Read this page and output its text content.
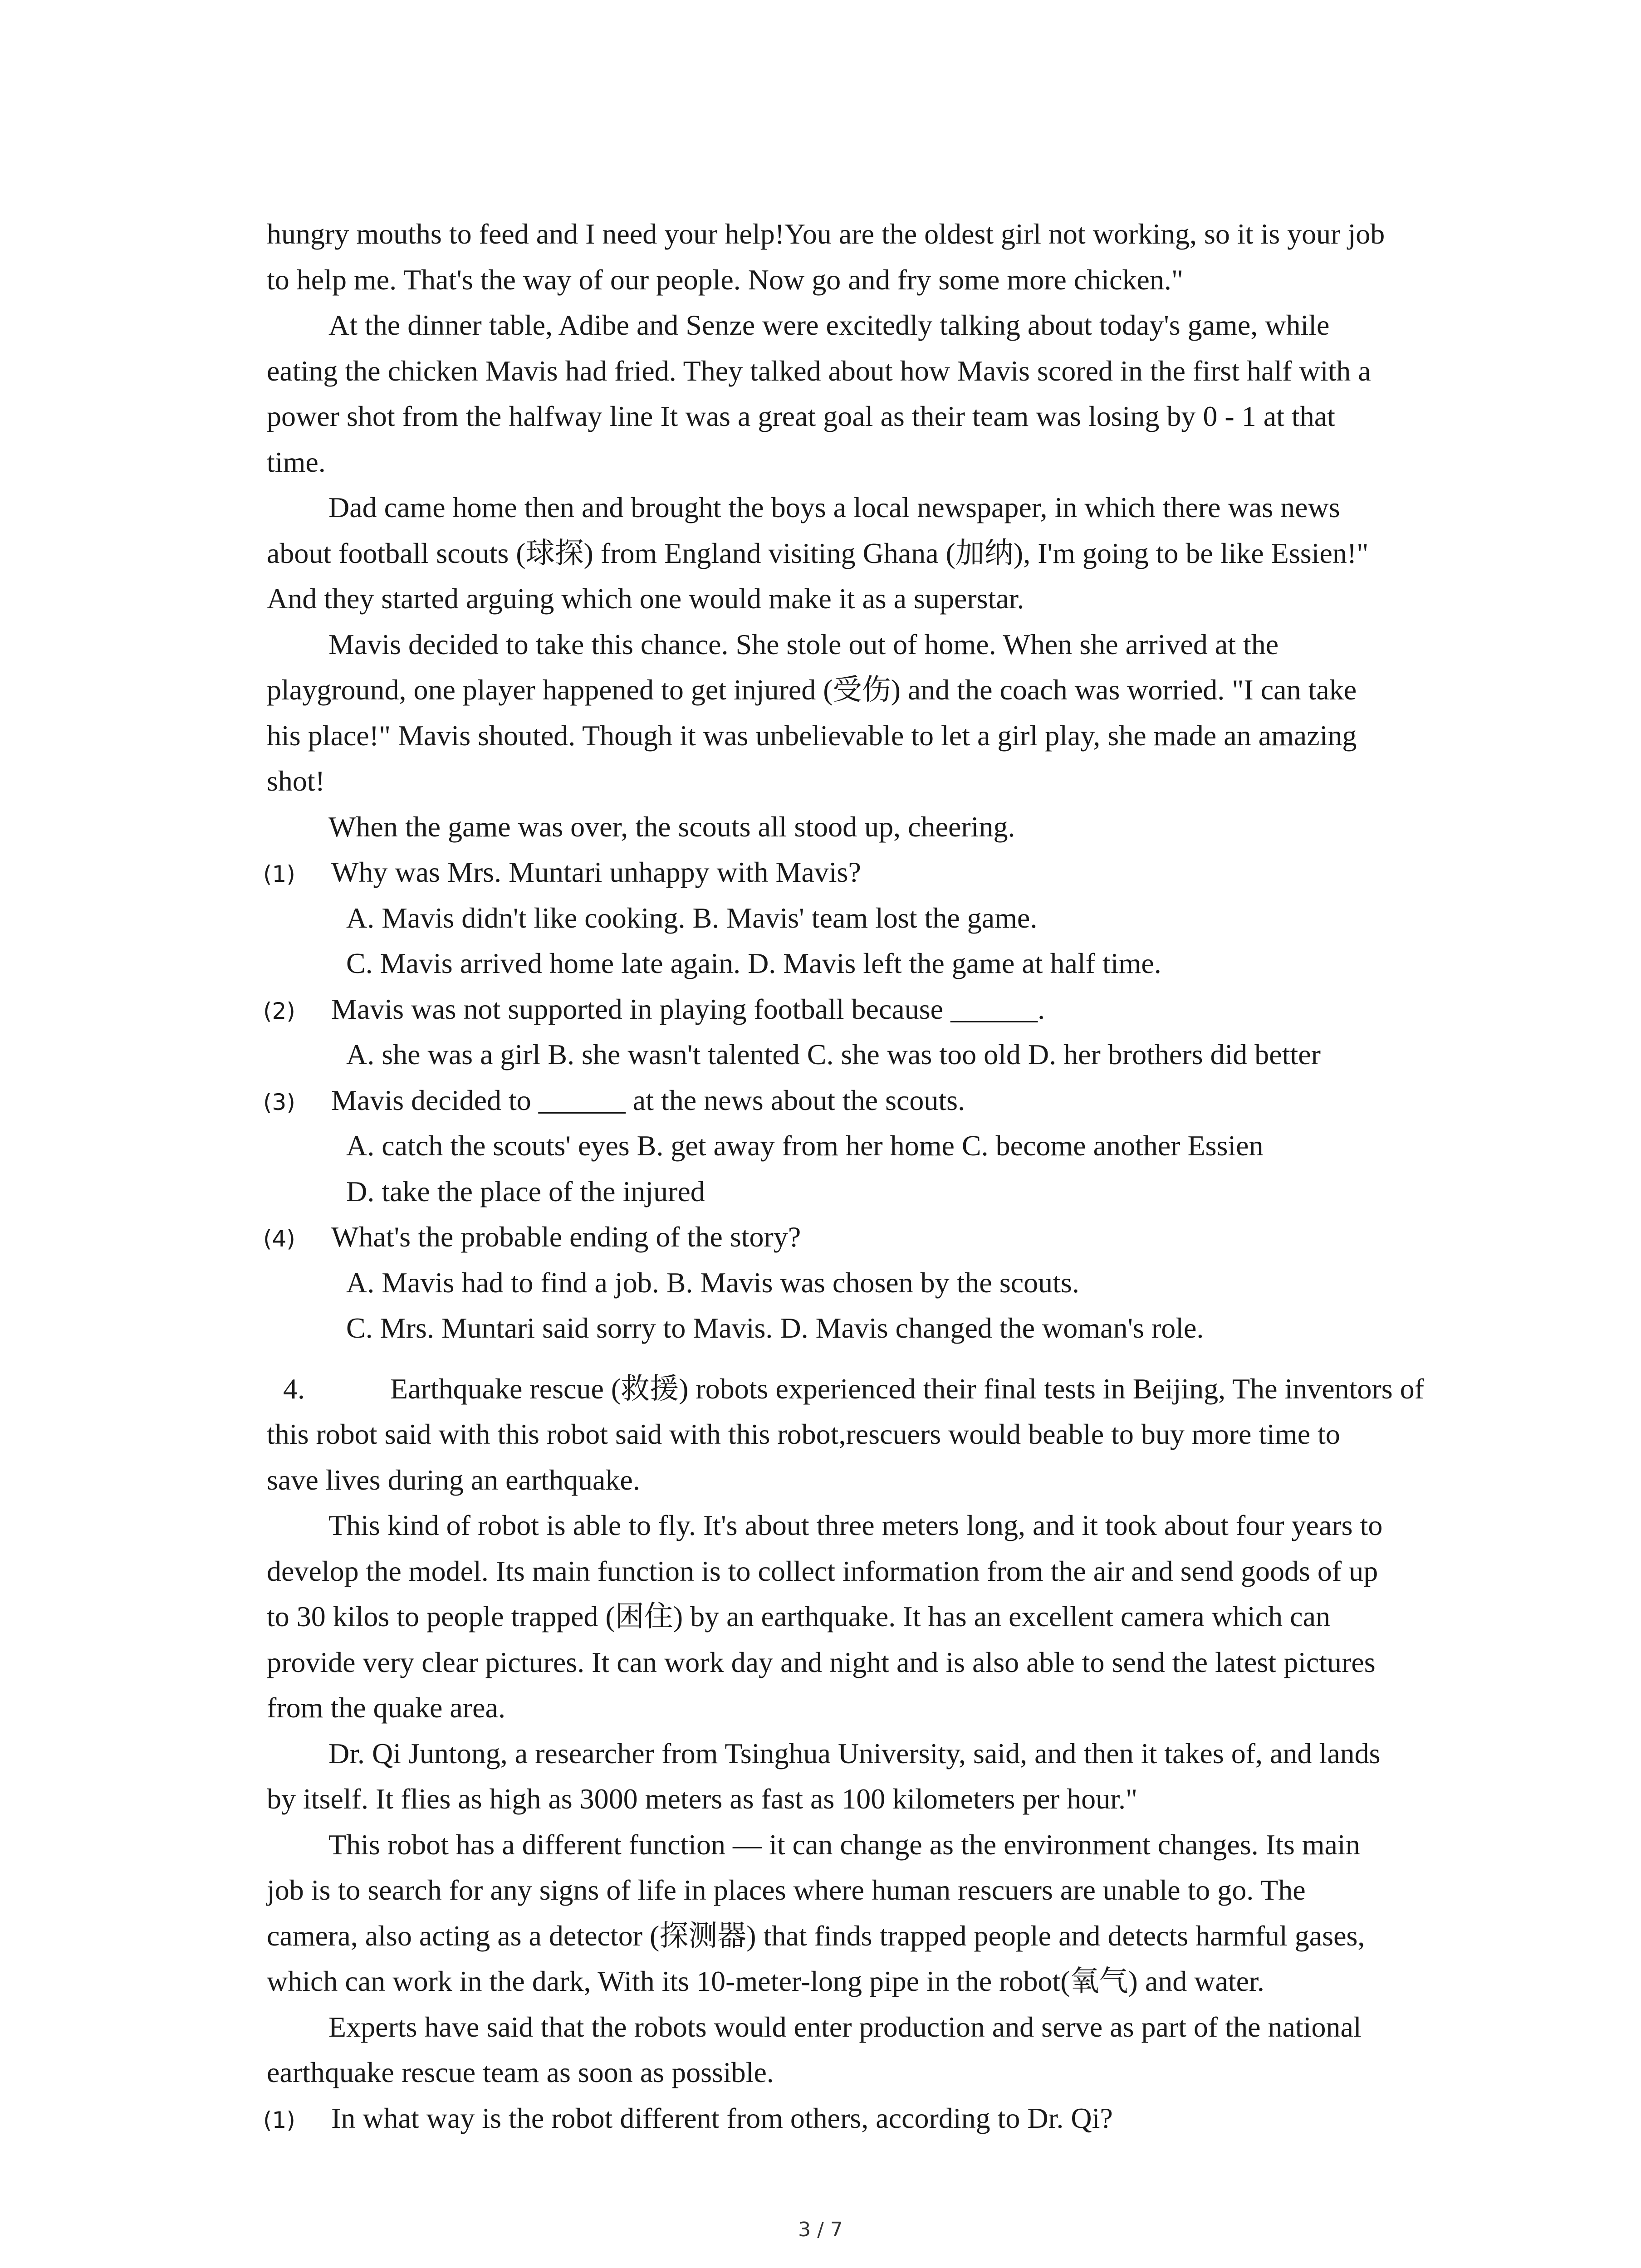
hungry mouths to feed and I need your help!You are the oldest girl not working, so it is your job
to help me. That's the way of our people. Now go and fry some more chicken."
At the dinner table, Adibe and Senze were excitedly talking about today's game, while
eating the chicken Mavis had fried. They talked about how Mavis scored in the first half with a
power shot from the halfway line It was a great goal as their team was losing by 0 - 1 at that
time.
Dad came home then and brought the boys a local newspaper, in which there was news
about football scouts (球探) from England visiting Ghana (加纳), I'm going to be like Essien!"
And they started arguing which one would make it as a superstar.
Mavis decided to take this chance. She stole out of home. When she arrived at the
playground, one player happened to get injured (受伤) and the coach was worried. "I can take
his place!" Mavis shouted. Though it was unbelievable to let a girl play, she made an amazing
shot!
When the game was over, the scouts all stood up, cheering.
(1) Why was Mrs. Muntari unhappy with Mavis?
A. Mavis didn't like cooking. B. Mavis' team lost the game.
C. Mavis arrived home late again. D. Mavis left the game at half time.
(2) Mavis was not supported in playing football because ______.
A. she was a girl B. she wasn't talented C. she was too old D. her brothers did better
(3) Mavis decided to ______ at the news about the scouts.
A. catch the scouts' eyes B. get away from her home C. become another Essien
D. take the place of the injured
(4) What's the probable ending of the story?
A. Mavis had to find a job. B. Mavis was chosen by the scouts.
C. Mrs. Muntari said sorry to Mavis. D. Mavis changed the woman's role.
4.	Earthquake rescue (救援) robots experienced their final tests in Beijing, The inventors of
this robot said with this robot said with this robot,rescuers would beable to buy more time to
save lives during an earthquake.
This kind of robot is able to fly. It's about three meters long, and it took about four years to
develop the model. Its main function is to collect information from the air and send goods of up
to 30 kilos to people trapped (困住) by an earthquake. It has an excellent camera which can
provide very clear pictures. It can work day and night and is also able to send the latest pictures
from the quake area.
Dr. Qi Juntong, a researcher from Tsinghua University, said, and then it takes of, and lands
by itself. It flies as high as 3000 meters as fast as 100 kilometers per hour."
This robot has a different function — it can change as the environment changes. Its main
job is to search for any signs of life in places where human rescuers are unable to go. The
camera, also acting as a detector (探测器) that finds trapped people and detects harmful gases,
which can work in the dark, With its 10-meter-long pipe in the robot(氧气) and water.
Experts have said that the robots would enter production and serve as part of the national
earthquake rescue team as soon as possible.
(1) In what way is the robot different from others, according to Dr. Qi?
3 / 7
